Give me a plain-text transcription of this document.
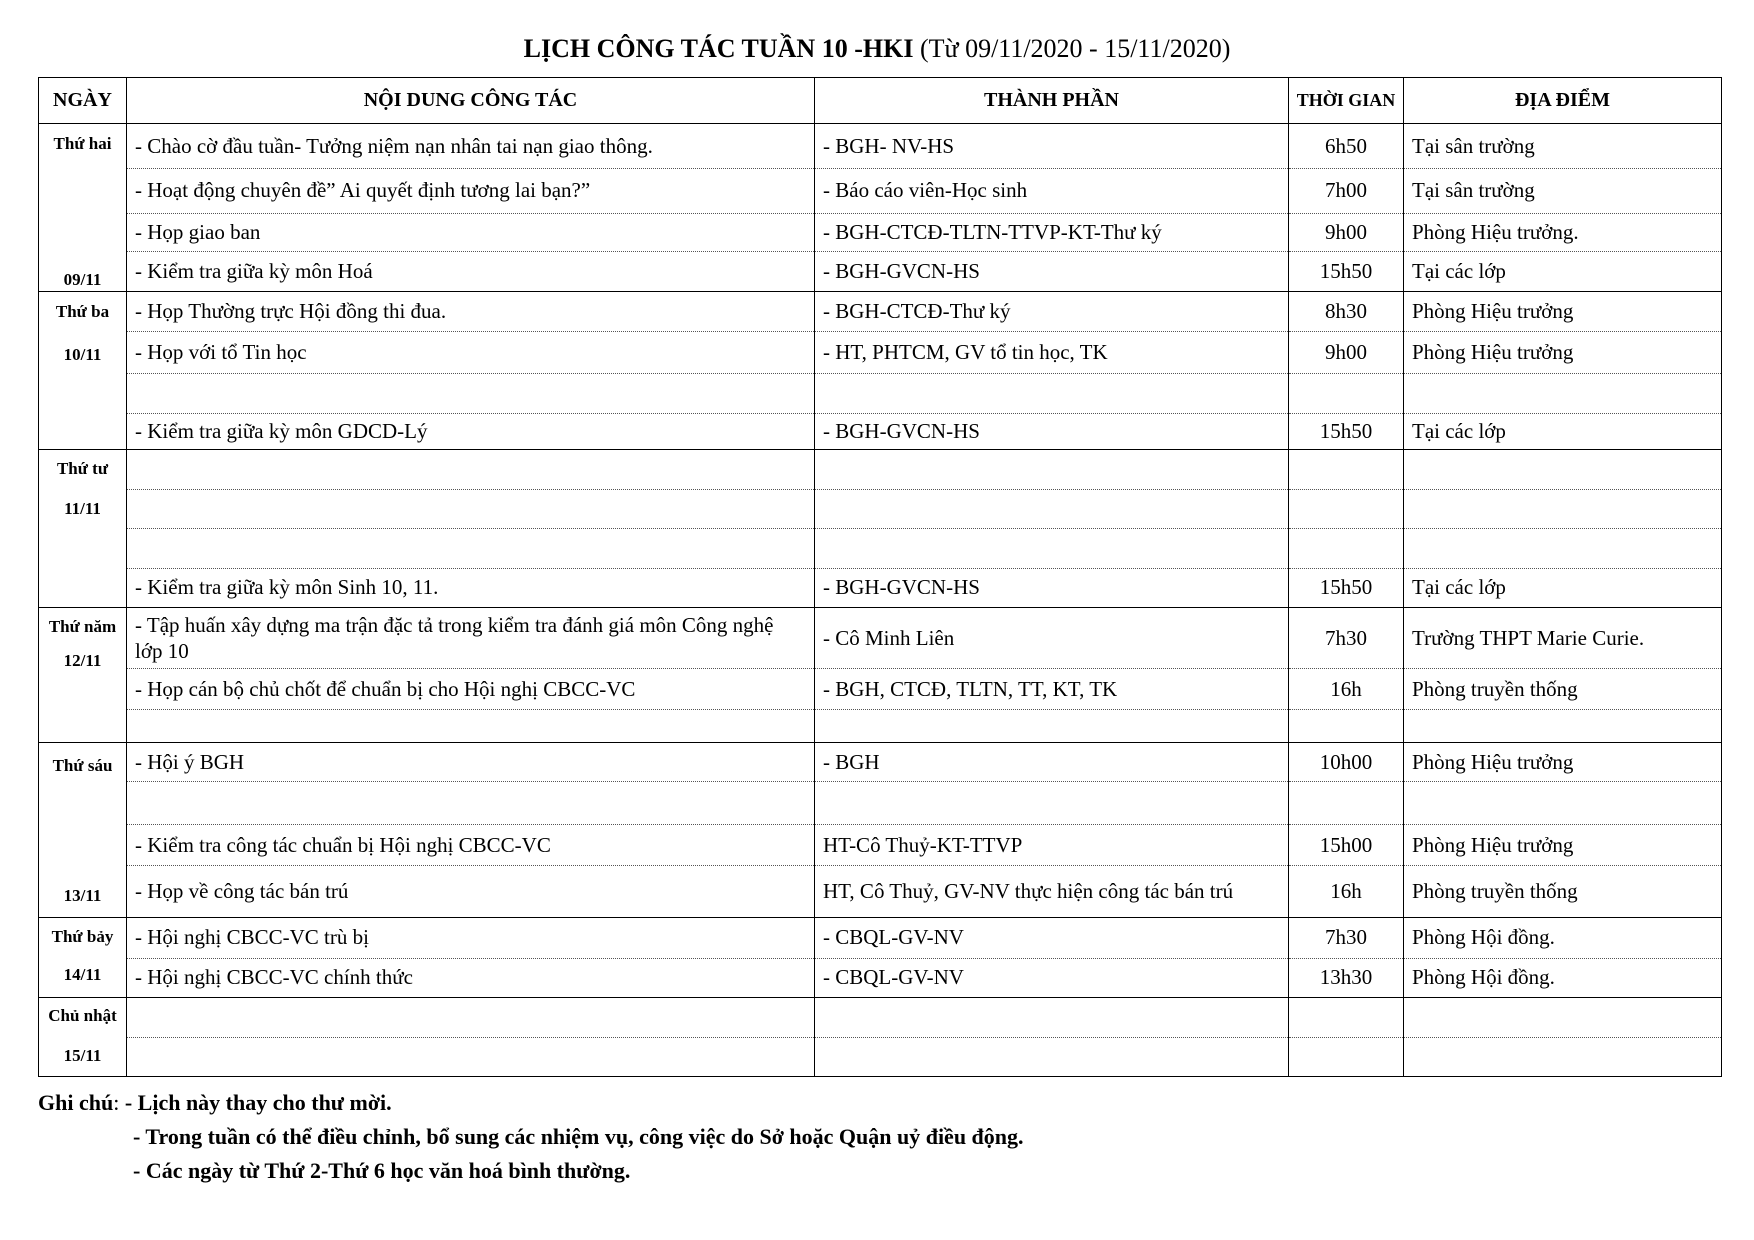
LỊCH CÔNG TÁC TUẦN 10 -HKI (Từ 09/11/2020 - 15/11/2020)
NGÀY	NỘI DUNG CÔNG TÁC	THÀNH PHẦN	THỜI GIAN	ĐỊA ĐIỂM

Thứ hai
09/11	- Chào cờ đầu tuần- Tưởng niệm nạn nhân tai nạn giao thông.	- BGH- NV-HS	6h50	Tại sân trường
	- Hoạt động chuyên đề” Ai quyết định tương lai bạn?”	- Báo cáo viên-Học sinh	7h00	Tại sân trường
	- Họp giao ban	- BGH-CTCĐ-TLTN-TTVP-KT-Thư ký	9h00	Phòng Hiệu trưởng.
	- Kiểm tra giữa kỳ môn Hoá	- BGH-GVCN-HS	15h50	Tại các lớp

Thứ ba
10/11	- Họp Thường trực Hội đồng thi đua.	- BGH-CTCĐ-Thư ký	8h30	Phòng Hiệu trưởng
	- Họp với tổ Tin học	- HT, PHTCM, GV tổ tin học, TK	9h00	Phòng Hiệu trưởng

	- Kiểm tra giữa kỳ môn GDCD-Lý	- BGH-GVCN-HS	15h50	Tại các lớp

Thứ tư
11/11				

	- Kiểm tra giữa kỳ môn Sinh 10, 11.	- BGH-GVCN-HS	15h50	Tại các lớp

Thứ năm
12/11	- Tập huấn xây dựng ma trận đặc tả trong kiểm tra đánh giá môn Công nghệ lớp 10	- Cô Minh Liên	7h30	Trường THPT Marie Curie.
	- Họp cán bộ chủ chốt để chuẩn bị cho Hội nghị CBCC-VC	- BGH, CTCĐ, TLTN, TT, KT, TK	16h	Phòng truyền thống

Thứ sáu
13/11	- Hội ý BGH	- BGH	10h00	Phòng Hiệu trưởng

	- Kiểm tra công tác chuẩn bị Hội nghị CBCC-VC	HT-Cô Thuỷ-KT-TTVP	15h00	Phòng Hiệu trưởng
	- Họp về công tác bán trú	HT, Cô Thuỷ, GV-NV thực hiện công tác bán trú	16h	Phòng truyền thống

Thứ bảy
14/11	- Hội nghị CBCC-VC trù bị	- CBQL-GV-NV	7h30	Phòng Hội đồng.
	- Hội nghị CBCC-VC chính thức	- CBQL-GV-NV	13h30	Phòng Hội đồng.

Chủ nhật
15/11				

Ghi chú: - Lịch này thay cho thư mời.
- Trong tuần có thể điều chỉnh, bổ sung các nhiệm vụ, công việc do Sở hoặc Quận uỷ điều động.
- Các ngày từ Thứ 2-Thứ 6 học văn hoá bình thường.
